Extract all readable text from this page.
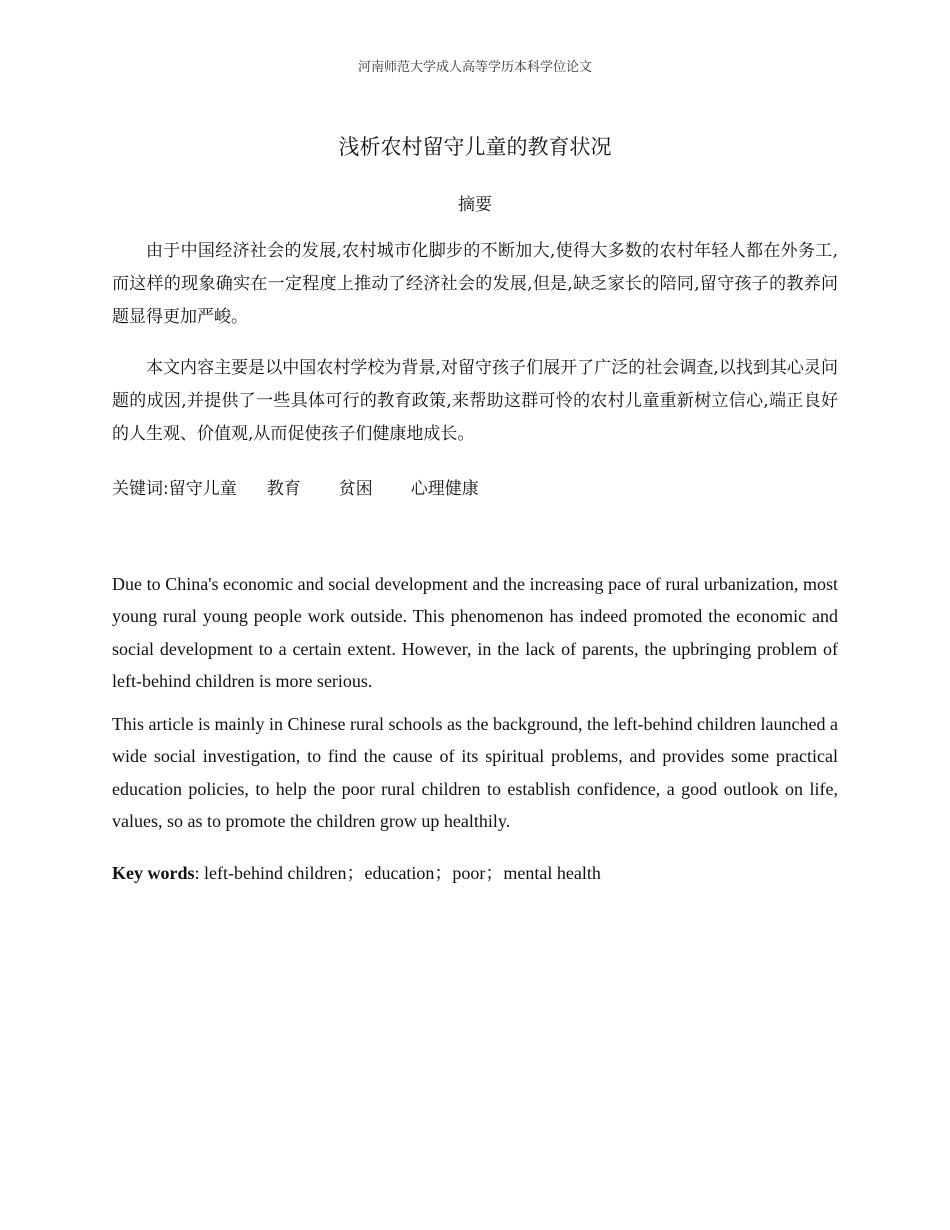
河南师范大学成人高等学历本科学位论文
浅析农村留守儿童的教育状况
摘要

由于中国经济社会的发展,农村城市化脚步的不断加大,使得大多数的农村年轻人都在外务工,而这样的现象确实在一定程度上推动了经济社会的发展,但是,缺乏家长的陪同,留守孩子的教养问题显得更加严峻。

本文内容主要是以中国农村学校为背景,对留守孩子们展开了广泛的社会调查,以找到其心灵问题的成因,并提供了一些具体可行的教育政策,来帮助这群可怜的农村儿童重新树立信心,端正良好的人生观、价值观,从而促使孩子们健康地成长。

关键词:留守儿童 教育 贫困 心理健康

Due to China's economic and social development and the increasing pace of rural urbanization, most young rural young people work outside. This phenomenon has indeed promoted the economic and social development to a certain extent. However, in the lack of parents, the upbringing problem of left-behind children is more serious.

This article is mainly in Chinese rural schools as the background, the left-behind children launched a wide social investigation, to find the cause of its spiritual problems, and provides some practical education policies, to help the poor rural children to establish confidence, a good outlook on life, values, so as to promote the children grow up healthily.

Key words: left-behind children；education；poor；mental health
